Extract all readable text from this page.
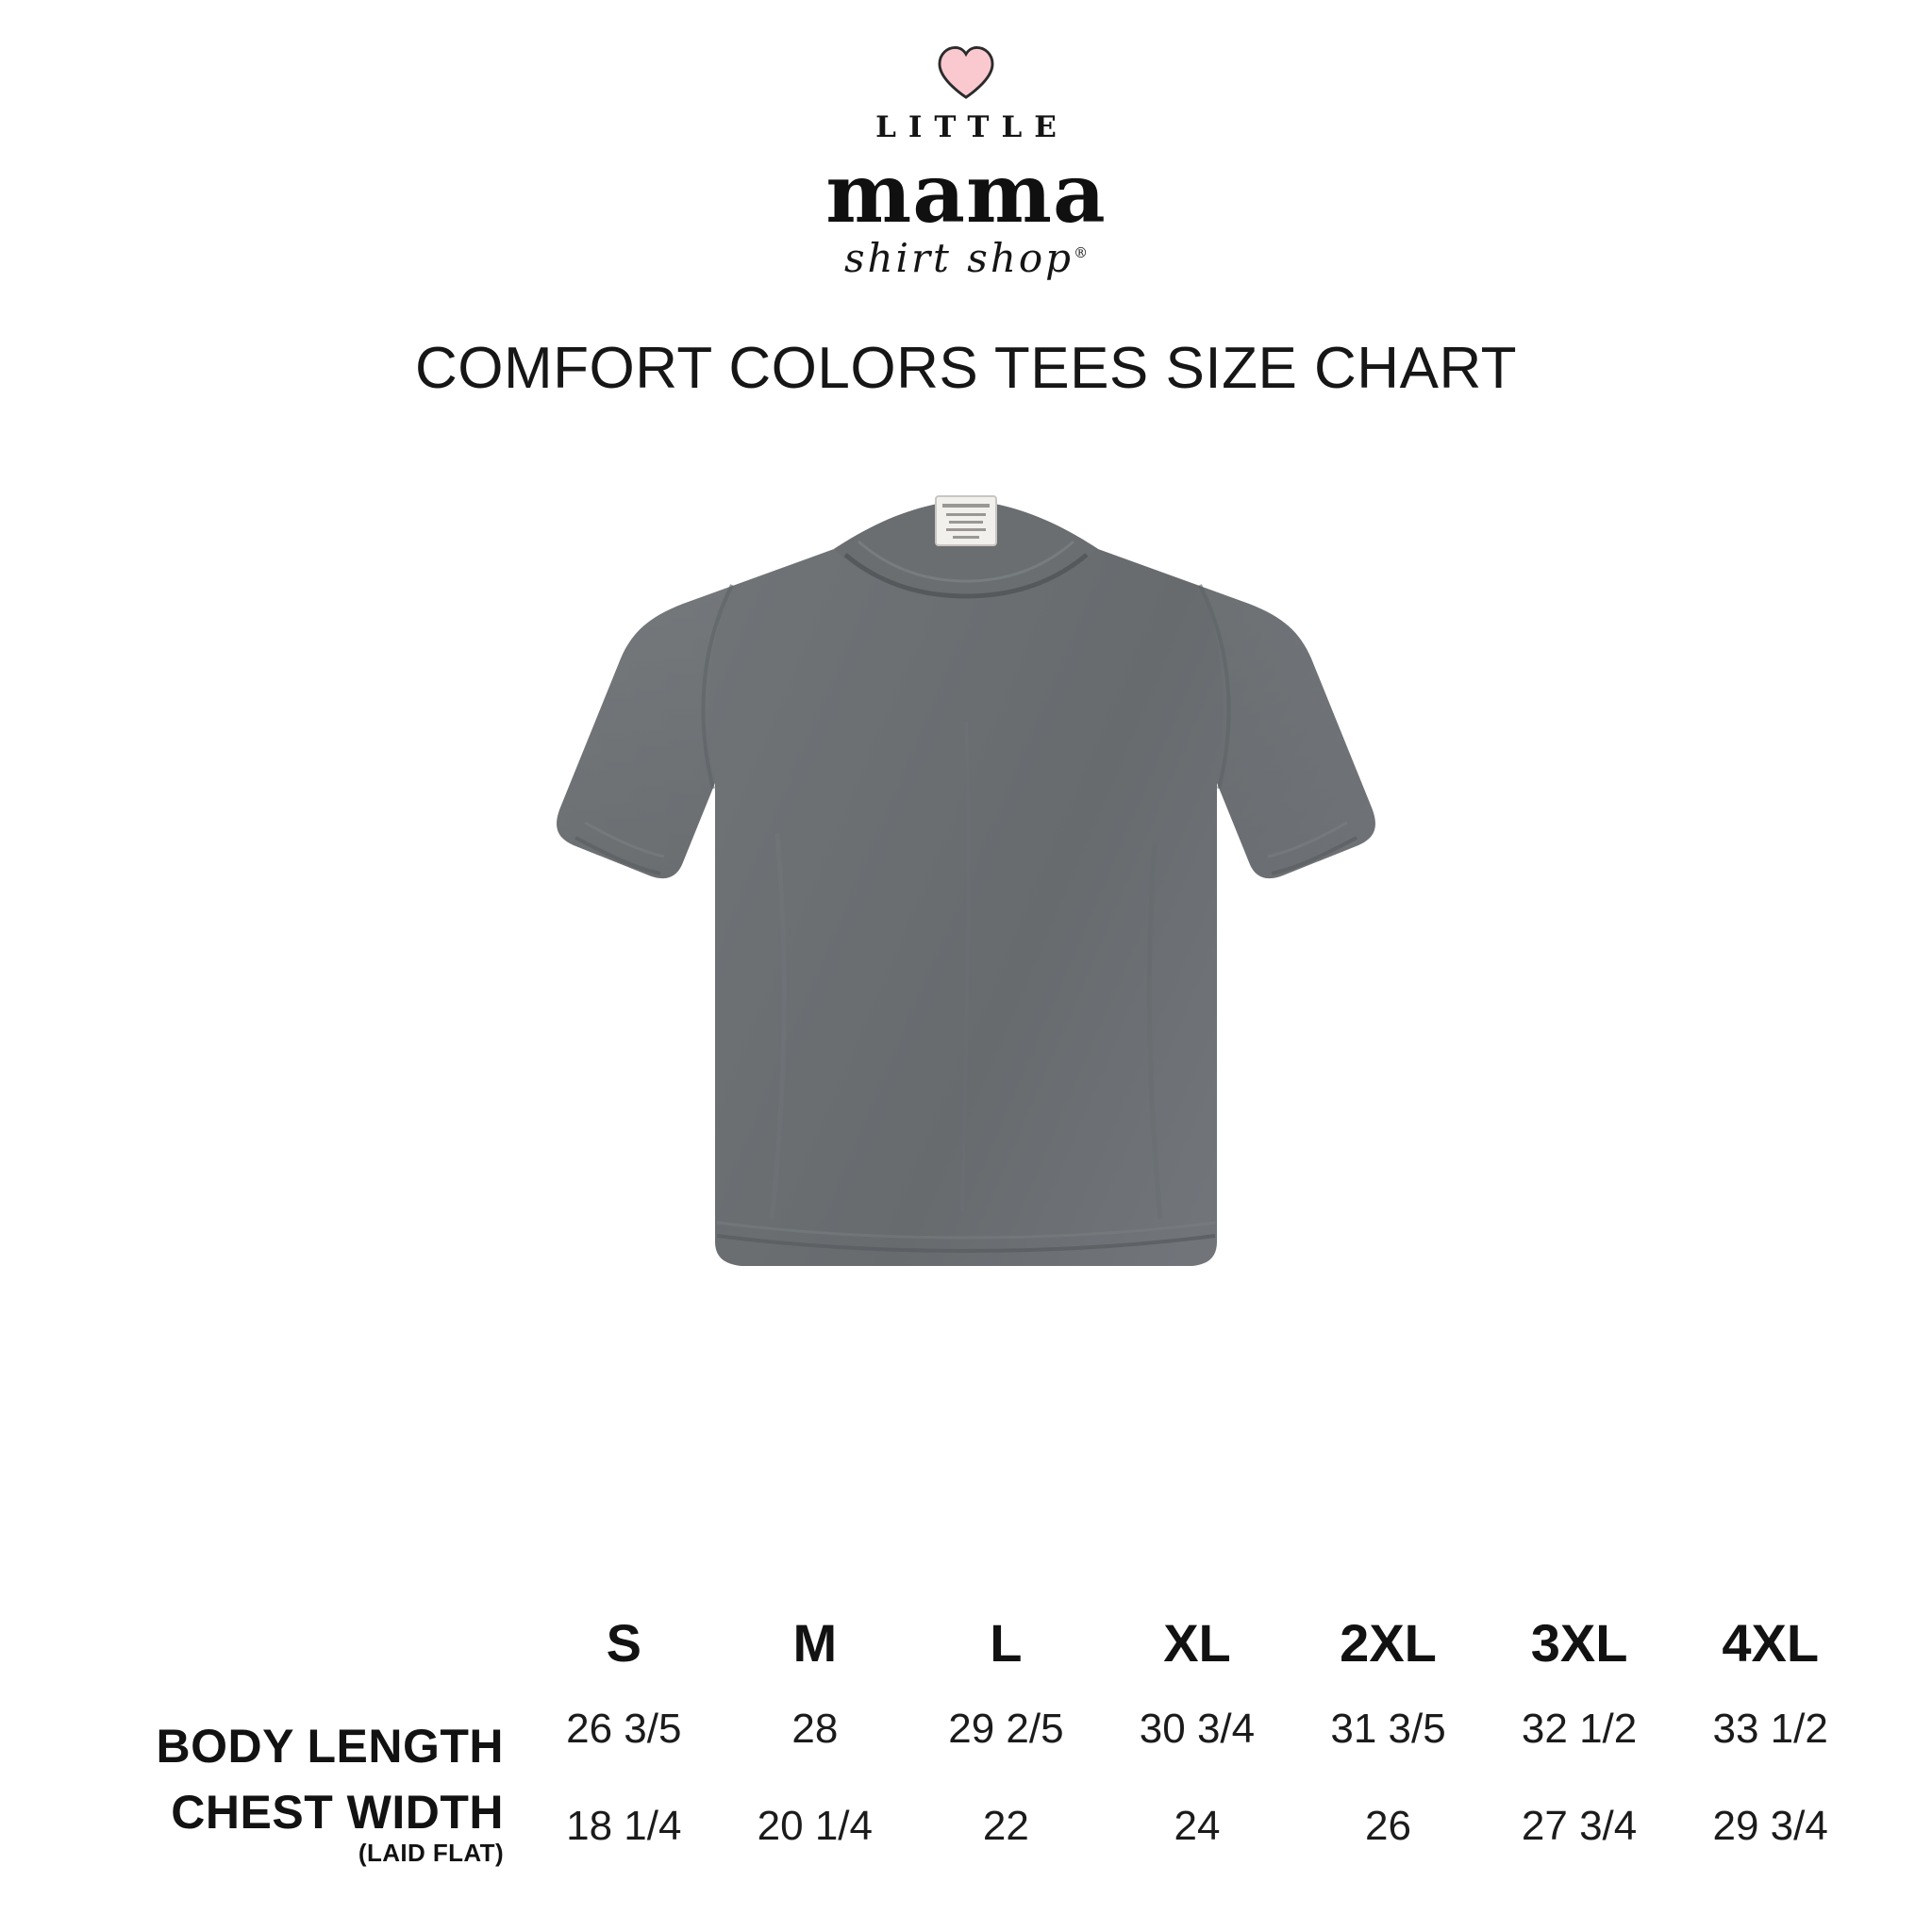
LITTLE
mama
shirt shop®
COMFORT COLORS TEES SIZE CHART
	S	M	L	XL	2XL	3XL	4XL
BODY LENGTH	26 3/5	28	29 2/5	30 3/4	31 3/5	32 1/2	33 1/2
CHEST WIDTH
(LAID FLAT)	18 1/4	20 1/4	22	24	26	27 3/4	29 3/4
